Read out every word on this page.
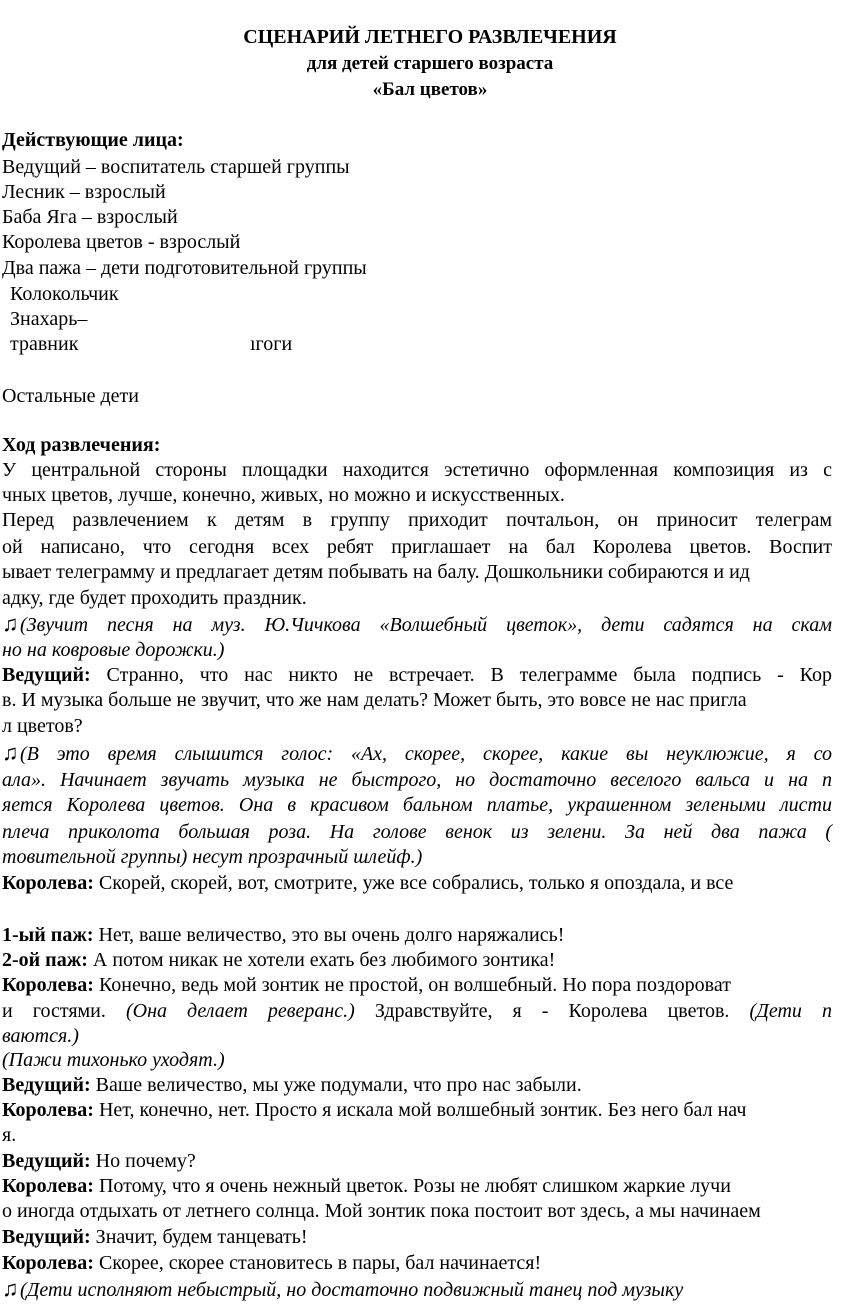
СЦЕНАРИЙ ЛЕТНЕГО РАЗВЛЕЧЕНИЯ
для детей старшего возраста
«Бал цветов»
Действующие лица:
Ведущий – воспитатель старшей группы
Лесник – взрослый
Баба Яга – взрослый
Королева цветов - взрослый
Два пажа – дети подготовительной группы
Колокольчик
Знахарь–
травник	ıгоги
Остальные дети
Ход развлечения:
У центральной стороны площадки находится эстетично оформленная композиция из с
чных цветов, лучше, конечно, живых, но можно и искусственных.
Перед развлечением к детям в группу приходит почтальон, он приносит телеграм
ой написано, что сегодня всех ребят приглашает на бал Королева цветов. Воспит
ывает телеграмму и предлагает детям побывать на балу. Дошкольники собираются и ид
адку, где будет проходить праздник.
♫(Звучит песня на муз. Ю.Чичкова «Волшебный цветок», дети садятся на скам
но на ковровые дорожки.)
Ведущий: Странно, что нас никто не встречает. В телеграмме была подпись - Кор
в. И музыка больше не звучит, что же нам делать? Может быть, это вовсе не нас пригла
л цветов?
♫(В это время слышится голос: «Ах, скорее, скорее, какие вы неуклюжие, я со
ала». Начинает звучать музыка не быстрого, но достаточно веселого вальса и на п
яется Королева цветов. Она в красивом бальном платье, украшенном зелеными листи
плеча приколота большая роза. На голове венок из зелени. За ней два пажа (
товительной группы) несут прозрачный шлейф.)
Королева: Скорей, скорей, вот, смотрите, уже все собрались, только я опоздала, и все
1-ый паж: Нет, ваше величество, это вы очень долго наряжались!
2-ой паж: А потом никак не хотели ехать без любимого зонтика!
Королева: Конечно, ведь мой зонтик не простой, он волшебный. Но пора поздороват
и гостями. (Она делает реверанс.) Здравствуйте, я - Королева цветов. (Дети п
ваются.)
(Пажи тихонько уходят.)
Ведущий: Ваше величество, мы уже подумали, что про нас забыли.
Королева: Нет, конечно, нет. Просто я искала мой волшебный зонтик. Без него бал нач
я.
Ведущий: Но почему?
Королева: Потому, что я очень нежный цветок. Розы не любят слишком жаркие лучи
о иногда отдыхать от летнего солнца. Мой зонтик пока постоит вот здесь, а мы начинаем
Ведущий: Значит, будем танцевать!
Королева: Скорее, скорее становитесь в пары, бал начинается!
♫(Дети исполняют небыстрый, но достаточно подвижный танец под музыку
